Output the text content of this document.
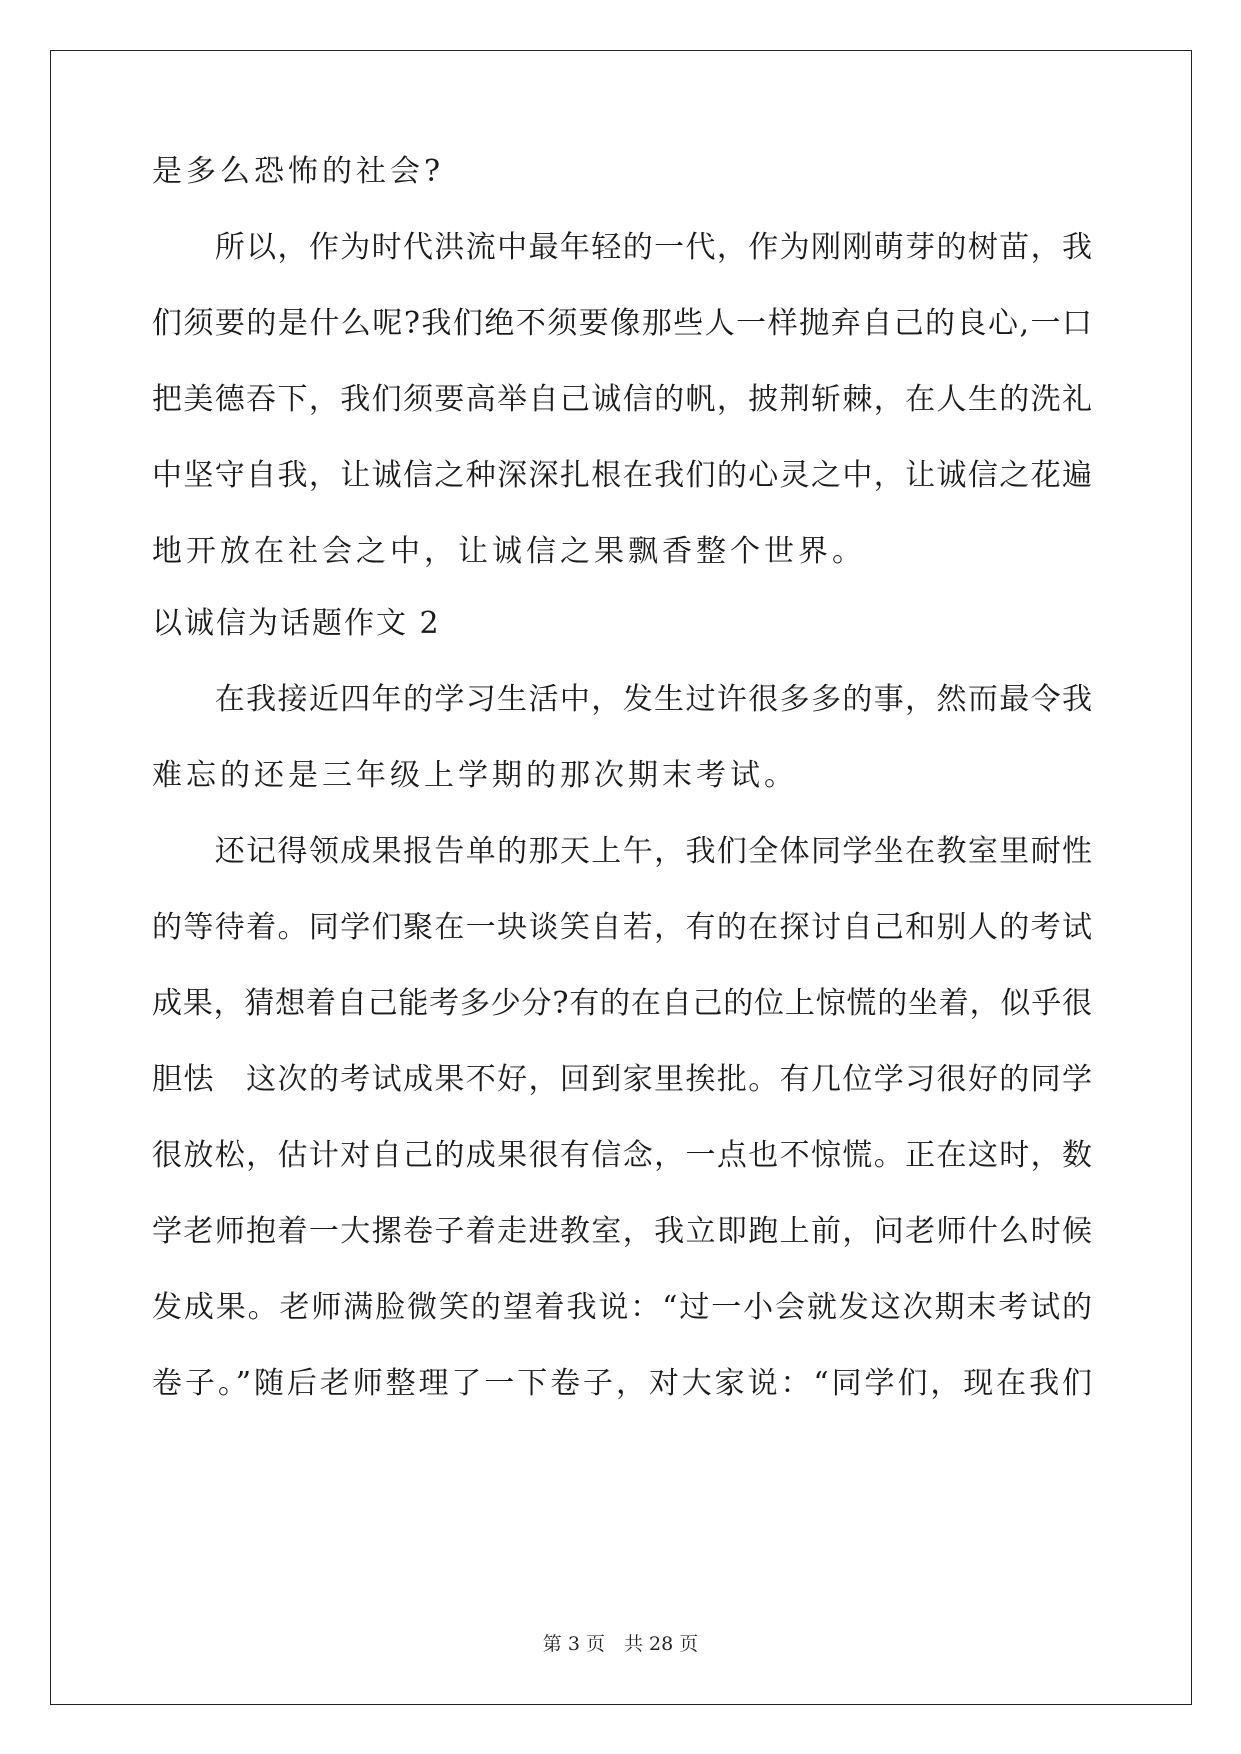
是多么恐怖的社会?
　　所以，作为时代洪流中最年轻的一代，作为刚刚萌芽的树苗，我
们须要的是什么呢?我们绝不须要像那些人一样抛弃自己的良心,一口
把美德吞下，我们须要高举自己诚信的帆，披荆斩棘，在人生的洗礼
中坚守自我，让诚信之种深深扎根在我们的心灵之中，让诚信之花遍
地开放在社会之中，让诚信之果飘香整个世界。
以诚信为话题作文 2
　　在我接近四年的学习生活中，发生过许很多多的事，然而最令我
难忘的还是三年级上学期的那次期末考试。
　　还记得领成果报告单的那天上午，我们全体同学坐在教室里耐性
的等待着。同学们聚在一块谈笑自若，有的在探讨自己和别人的考试
成果，猜想着自己能考多少分?有的在自己的位上惊慌的坐着，似乎很
胆怯　这次的考试成果不好，回到家里挨批。有几位学习很好的同学
很放松，估计对自己的成果很有信念，一点也不惊慌。正在这时，数
学老师抱着一大摞卷子着走进教室，我立即跑上前，问老师什么时候
发成果。老师满脸微笑的望着我说：“过一小会就发这次期末考试的
卷子。”随后老师整理了一下卷子，对大家说：“同学们，现在我们
第 3 页　共 28 页
